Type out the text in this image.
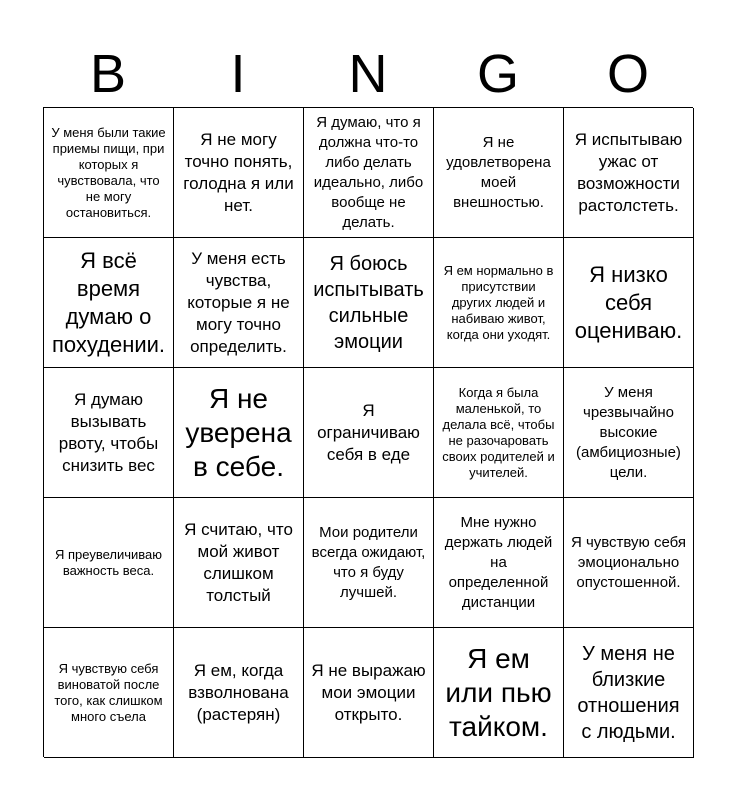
B	I	N	G	O
У меня были такие приемы пищи, при которых я чувствовала, что не могу остановиться.
Я не могу точно понять, голодна я или нет.
Я думаю, что я должна что-то либо делать идеально, либо вообще не делать.
Я не удовлетворена моей внешностью.
Я испытываю ужас от возможности растолстеть.
Я всё время думаю о похудении.
У меня есть чувства, которые я не могу точно определить.
Я боюсь испытывать сильные эмоции
Я ем нормально в присутствии других людей и набиваю живот, когда они уходят.
Я низко себя оцениваю.
Я думаю вызывать рвоту, чтобы снизить вес
Я не уверена в себе.
Я ограничиваю себя в еде
Когда я была маленькой, то делала всё, чтобы не разочаровать своих родителей и учителей.
У меня чрезвычайно высокие (амбициозные) цели.
Я преувеличиваю важность веса.
Я считаю, что мой живот слишком толстый
Мои родители всегда ожидают, что я буду лучшей.
Мне нужно держать людей на определенной дистанции
Я чувствую себя эмоционально опустошенной.
Я чувствую себя виноватой после того, как слишком много съела
Я ем, когда взволнована (растерян)
Я не выражаю мои эмоции открыто.
Я ем или пью тайком.
У меня не близкие отношения с людьми.
